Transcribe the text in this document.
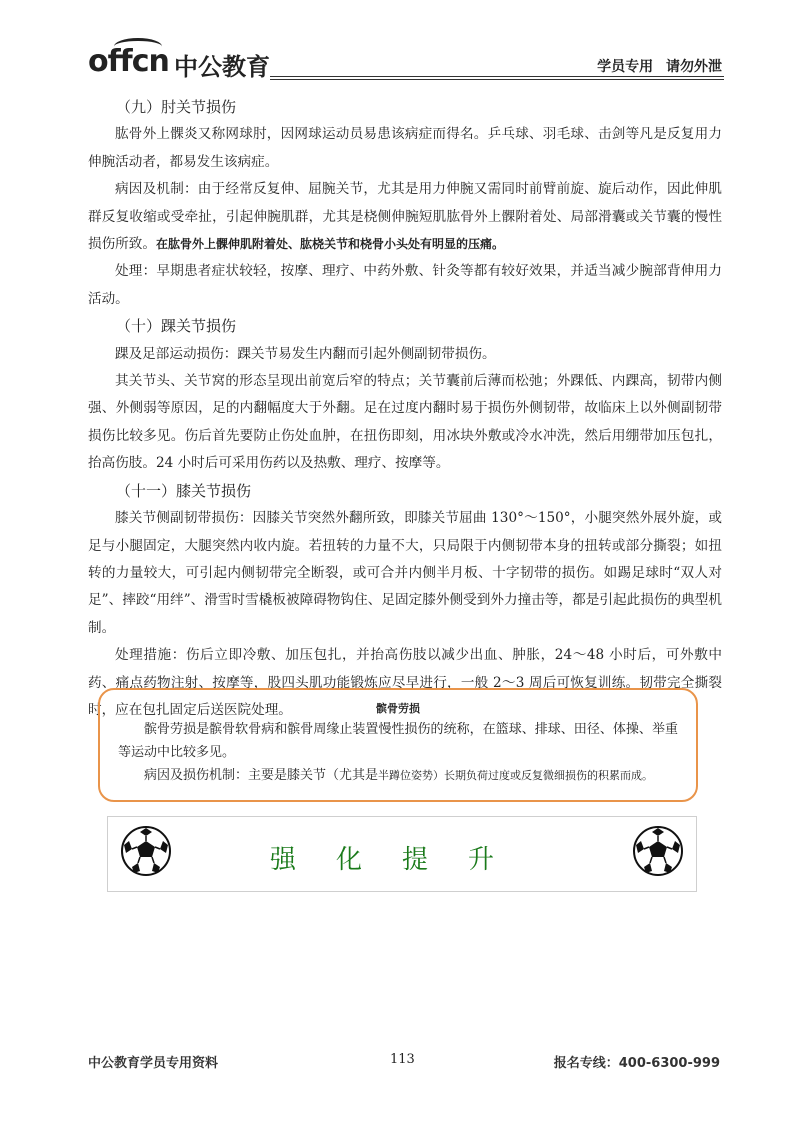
offcn 中公教育	学员专用 请勿外泄

（九）肘关节损伤

肱骨外上髁炎又称网球肘，因网球运动员易患该病症而得名。乒乓球、羽毛球、击剑等凡是反复用力伸腕活动者，都易发生该病症。

病因及机制：由于经常反复伸、屈腕关节，尤其是用力伸腕又需同时前臂前旋、旋后动作，因此伸肌群反复收缩或受牵扯，引起伸腕肌群，尤其是桡侧伸腕短肌肱骨外上髁附着处、局部滑囊或关节囊的慢性损伤所致。在肱骨外上髁伸肌附着处、肱桡关节和桡骨小头处有明显的压痛。

处理：早期患者症状较轻，按摩、理疗、中药外敷、针灸等都有较好效果，并适当减少腕部背伸用力活动。

（十）踝关节损伤

踝及足部运动损伤：踝关节易发生内翻而引起外侧副韧带损伤。

其关节头、关节窝的形态呈现出前宽后窄的特点；关节囊前后薄而松弛；外踝低、内踝高，韧带内侧强、外侧弱等原因，足的内翻幅度大于外翻。足在过度内翻时易于损伤外侧韧带，故临床上以外侧副韧带损伤比较多见。伤后首先要防止伤处血肿，在扭伤即刻，用冰块外敷或冷水冲洗，然后用绷带加压包扎，抬高伤肢。24 小时后可采用伤药以及热敷、理疗、按摩等。

（十一）膝关节损伤

膝关节侧副韧带损伤：因膝关节突然外翻所致，即膝关节屈曲 130°～150°，小腿突然外展外旋，或足与小腿固定，大腿突然内收内旋。若扭转的力量不大，只局限于内侧韧带本身的扭转或部分撕裂；如扭转的力量较大，可引起内侧韧带完全断裂，或可合并内侧半月板、十字韧带的损伤。如踢足球时“双人对足”、摔跤“用绊”、滑雪时雪橇板被障碍物钩住、足固定膝外侧受到外力撞击等，都是引起此损伤的典型机制。

处理措施：伤后立即冷敷、加压包扎，并抬高伤肢以减少出血、肿胀，24～48 小时后，可外敷中药、痛点药物注射、按摩等，股四头肌功能锻炼应尽早进行，一般 2～3 周后可恢复训练。韧带完全撕裂时，应在包扎固定后送医院处理。	髌骨劳损

髌骨劳损是髌骨软骨病和髌骨周缘止装置慢性损伤的统称，在篮球、排球、田径、体操、举重等运动中比较多见。

病因及损伤机制：主要是膝关节（尤其是半蹲位姿势）长期负荷过度或反复微细损伤的积累而成。

强化提升
中公教育学员专用资料	113	报名专线：400-6300-999
